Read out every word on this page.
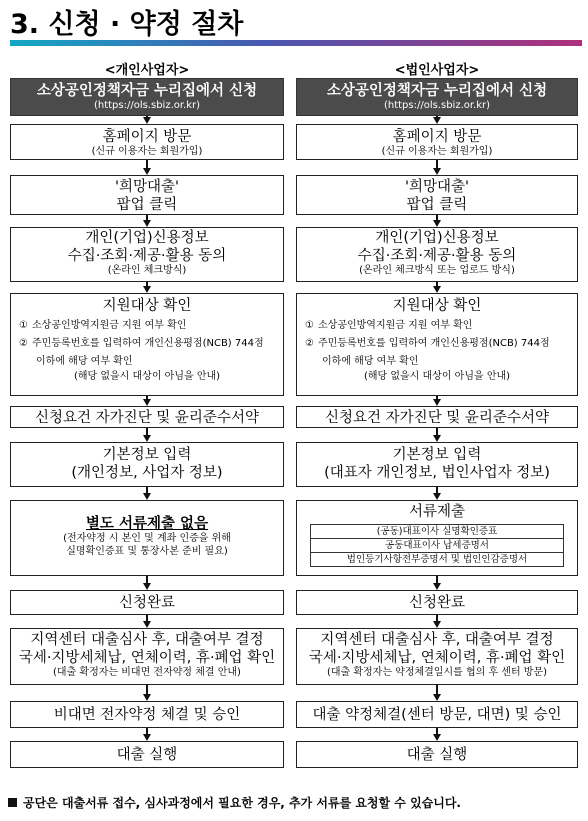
3. 신청 · 약정 절차
<개인사업자>
소상공인정책자금 누리집에서 신청
(https://ols.sbiz.or.kr)
홈페이지 방문
(신규 이용자는 회원가입)
'희망대출'
팝업 클릭
개인(기업)신용정보
수집·조회·제공·활용 동의
(온라인 체크방식)
지원대상 확인
① 소상공인방역지원금 지원 여부 확인
② 주민등록번호를 입력하여 개인신용평점(NCB) 744점
이하에 해당 여부 확인
(해당 없을시 대상이 아님을 안내)
신청요건 자가진단 및 윤리준수서약
기본정보 입력
(개인정보, 사업자 정보)
별도 서류제출 없음
(전자약정 시 본인 및 계좌 인증을 위해
실명확인증표 및 통장사본 준비 필요)
신청완료
지역센터 대출심사 후, 대출여부 결정
국세·지방세체납, 연체이력, 휴·폐업 확인
(대출 확정자는 비대면 전자약정 체결 안내)
비대면 전자약정 체결 및 승인
대출 실행
<법인사업자>
소상공인정책자금 누리집에서 신청
(https://ols.sbiz.or.kr)
홈페이지 방문
(신규 이용자는 회원가입)
'희망대출'
팝업 클릭
개인(기업)신용정보
수집·조회·제공·활용 동의
(온라인 체크방식 또는 업로드 방식)
지원대상 확인
① 소상공인방역지원금 지원 여부 확인
② 주민등록번호를 입력하여 개인신용평점(NCB) 744점
이하에 해당 여부 확인
(해당 없을시 대상이 아님을 안내)
신청요건 자가진단 및 윤리준수서약
기본정보 입력
(대표자 개인정보, 법인사업자 정보)
서류제출
(공동)대표이사 실명확인증표
공동대표이사 납세증명서
법인등기사항전부증명서 및 법인인감증명서
신청완료
지역센터 대출심사 후, 대출여부 결정
국세·지방세체납, 연체이력, 휴·폐업 확인
(대출 확정자는 약정체결일시를 협의 후 센터 방문)
대출 약정체결(센터 방문, 대면) 및 승인
대출 실행
공단은 대출서류 접수, 심사과정에서 필요한 경우, 추가 서류를 요청할 수 있습니다.
